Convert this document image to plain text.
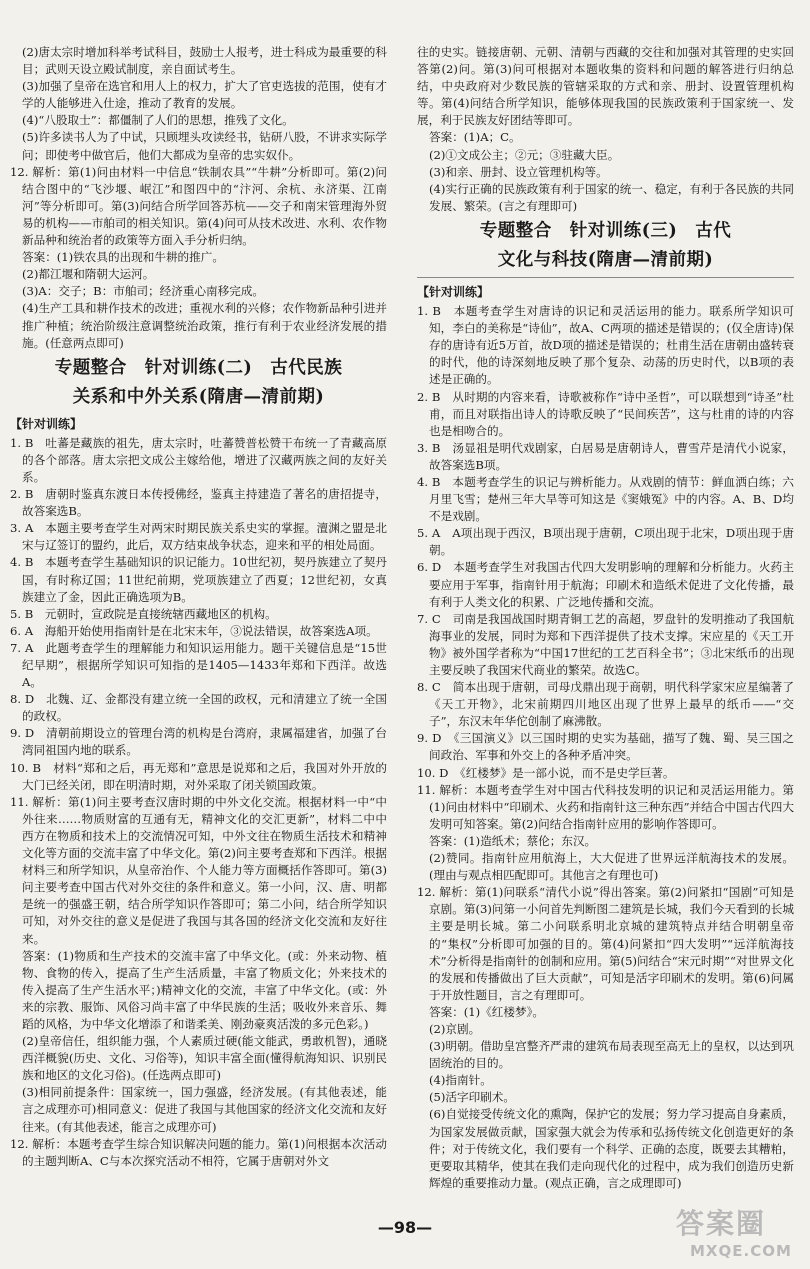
(2)唐太宗时增加科举考试科目，鼓励士人报考，进士科成为最重要的科目；武则天设立殿试制度，亲自面试考生。

(3)加强了皇帝在选官和用人上的权力，扩大了官吏选拔的范围，使有才学的人能够进入仕途，推动了教育的发展。

(4)“八股取士”：都僵制了人们的思想，推残了文化。

(5)许多读书人为了中试，只顾埋头攻读经书，钻研八股，不讲求实际学问；即使考中做官后，他们大都成为皇帝的忠实奴仆。

12. 解析：第(1)问由材料一中信息“铁制农具”“牛耕”分析即可。第(2)问结合图中的“飞沙堰、岷江”和图四中的“汴河、余杭、永济渠、江南河”等分析即可。第(3)问结合所学回答苏杭——交子和南宋管理海外贸易的机构——市舶司的相关知识。第(4)问可从技术改进、水利、农作物新品种和统治者的政策等方面入手分析归纳。

答案：(1)铁农具的出现和牛耕的推广。

(2)都江堰和隋朝大运河。

(3)A：交子；B：市舶司；经济重心南移完成。

(4)生产工具和耕作技术的改进；重视水利的兴修；农作物新品种引进并推广种植；统治阶级注意调整统治政策，推行有利于农业经济发展的措施。(任意两点即可)

专题整合　针对训练(二)　古代民族
关系和中外关系(隋唐—清前期)
【针对训练】

1. B　吐蕃是藏族的祖先，唐太宗时，吐蕃赞普松赞干布统一了青藏高原的各个部落。唐太宗把文成公主嫁给他，增进了汉藏两族之间的友好关系。

2. B　唐朝时鉴真东渡日本传授佛经，鉴真主持建造了著名的唐招提寺，故答案选B。

3. A　本题主要考查学生对两宋时期民族关系史实的掌握。澶渊之盟是北宋与辽签订的盟约，此后，双方结束战争状态，迎来和平的相处局面。

4. B　本题考查学生基础知识的识记能力。10世纪初，契丹族建立了契丹国，有时称辽国；11世纪前期，党项族建立了西夏；12世纪初，女真族建立了金，因此正确选项为B。

5. B　元朝时，宣政院是直接统辖西藏地区的机构。

6. A　海船开始使用指南针是在北宋末年，③说法错误，故答案选A项。

7. A　此题考查学生的理解能力和知识运用能力。题干关键信息是“15世纪早期”，根据所学知识可知指的是1405—1433年郑和下西洋。故选A。

8. D　北魏、辽、金都没有建立统一全国的政权，元和清建立了统一全国的政权。

9. D　清朝前期设立的管理台湾的机构是台湾府，隶属福建省，加强了台湾同祖国内地的联系。

10. B　材料“郑和之后，再无郑和”意思是说郑和之后，我国对外开放的大门已经关闭，即在明清时期，对外采取了闭关锁国政策。

11. 解析：第(1)问主要考查汉唐时期的中外文化交流。根据材料一中“中外往来……物质财富的互通有无，精神文化的交汇更新”，材料二中中西方在物质和技术上的交流情况可知，中外文往在物质生活技术和精神文化等方面的交流丰富了中华文化。第(2)问主要考查郑和下西洋。根据材料三和所学知识，从皇帝治作、个人能力等方面概括作答即可。第(3)问主要考查中国古代对外交往的条件和意义。第一小问，汉、唐、明都是统一的强盛王朝，结合所学知识作答即可；第二小问，结合所学知识可知，对外交往的意义是促进了我国与其各国的经济文化交流和友好往来。

答案：(1)物质和生产技术的交流丰富了中华文化。(或：外来动物、植物、食物的传入，提高了生产生活质量，丰富了物质文化；外来技术的传入提高了生产生活水平；)精神文化的交流，丰富了中华文化。(或：外来的宗教、服饰、风俗习尚丰富了中华民族的生活；吸收外来音乐、舞蹈的风格，为中华文化增添了和谐柔美、刚劲豪爽活泼的多元色彩。)

(2)皇帝信任，组织能力强，个人素质过硬(能文能武，勇敢机智)，通晓西洋概貌(历史、文化、习俗等)，知识丰富全面(懂得航海知识、识别民族和地区的文化习俗)。(任选两点即可)

(3)相同前提条件：国家统一，国力强盛，经济发展。(有其他表述，能言之成理亦可)相同意义：促进了我国与其他国家的经济文化交流和友好往来。(有其他表述，能言之成理亦可)

12. 解析：本题考查学生综合知识解决问题的能力。第(1)问根据本次活动的主题判断A、C与本次探究活动不相符，它属于唐朝对外文

往的史实。链接唐朝、元朝、清朝与西藏的交往和加强对其管理的史实回答第(2)问。第(3)问可根据对本题收集的资料和问题的解答进行归纳总结，中央政府对少数民族的管辖采取的方式和亲、册封、设置管理机构等。第(4)问结合所学知识，能够体现我国的民族政策利于国家统一、发展，利于民族友好团结等即可。

答案：(1)A；C。

(2)①文成公主；②元；③驻藏大臣。

(3)和亲、册封、设立管理机构等。

(4)实行正确的民族政策有利于国家的统一、稳定，有利于各民族的共同发展、繁荣。(言之有理即可)

专题整合　针对训练(三)　古代
文化与科技(隋唐—清前期)
【针对训练】

1. B　本题考查学生对唐诗的识记和灵活运用的能力。联系所学知识可知，李白的美称是“诗仙”，故A、C两项的描述是错误的；(仅全唐诗)保存的唐诗有近5万首，故D项的描述是错误的；杜甫生活在唐朝由盛转衰的时代，他的诗深刻地反映了那个复杂、动荡的历史时代，以B项的表述是正确的。

2. B　从时期的内容来看，诗歌被称作“诗中圣哲”，可以联想到“诗圣”杜甫，而且对联指出诗人的诗歌反映了“民间疾苦”，这与杜甫的诗的内容也是相吻合的。

3. B　汤显祖是明代戏剧家，白居易是唐朝诗人，曹雪芹是清代小说家，故答案选B项。

4. B　本题考查学生的识记与辨析能力。从戏剧的情节：鲜血洒白练；六月里飞雪；楚州三年大旱等可知这是《窦娥冤》中的内容。A、B、D均不是戏剧。

5. A　A项出现于西汉，B项出现于唐朝，C项出现于北宋，D项出现于唐朝。

6. D　本题考查学生对我国古代四大发明影响的理解和分析能力。火药主要应用于军事，指南针用于航海；印刷术和造纸术促进了文化传播，最有利于人类文化的积累、广泛地传播和交流。

7. C　司南是我国战国时期青铜工艺的高超，罗盘针的发明推动了我国航海事业的发展，同时为郑和下西洋提供了技术支撑。宋应星的《天工开物》被外国学者称为“中国17世纪的工艺百科全书”；③北宋纸币的出现主要反映了我国宋代商业的繁荣。故选C。

8. C　简本出现于唐朝，司母戊鼎出现于商朝，明代科学家宋应星编著了《天工开物》，北宋前期四川地区出现了世界上最早的纸币——“交子”，东汉末年华佗创制了麻沸散。

9. D　《三国演义》以三国时期的史实为基础，描写了魏、蜀、吴三国之间政治、军事和外交上的各种矛盾冲突。

10. D　《红楼梦》是一部小说，而不是史学巨著。

11. 解析：本题考查学生对中国古代科技发明的识记和灵活运用能力。第(1)问由材料中“印刷术、火药和指南针这三种东西”并结合中国古代四大发明可知答案。第(2)问结合指南针应用的影响作答即可。

答案：(1)造纸术；蔡伦；东汉。

(2)赞同。指南针应用航海上，大大促进了世界远洋航海技术的发展。(理由与观点相匹配即可。其他言之有理也可)

12. 解析：第(1)问联系“清代小说”得出答案。第(2)问紧扣“国剧”可知是京剧。第(3)问第一小问首先判断图二建筑是长城，我们今天看到的长城主要是明长城。第二小问联系明北京城的建筑特点并结合明朝皇帝的“集权”分析即可加强的目的。第(4)问紧扣“四大发明”“远洋航海技术”分析得是指南针的创制和应用。第(5)问结合“宋元时期”“对世界文化的发展和传播做出了巨大贡献”，可知是活字印刷术的发明。第(6)问属于开放性题目，言之有理即可。

答案：(1)《红楼梦》。

(2)京剧。

(3)明朝。借助皇宫整齐严肃的建筑布局表现至高无上的皇权，以达到巩固统治的目的。

(4)指南针。

(5)活字印刷术。

(6)自觉接受传统文化的熏陶，保护它的发展；努力学习提高自身素质，为国家发展做贡献，国家强大就会为传承和弘扬传统文化创造更好的条件；对于传统文化，我们要有一个科学、正确的态度，既要去其糟粕，更要取其精华，使其在我们走向现代化的过程中，成为我们创造历史新辉煌的重要推动力量。(观点正确，言之成理即可)

—98—	答案圈
MXQE.COM
